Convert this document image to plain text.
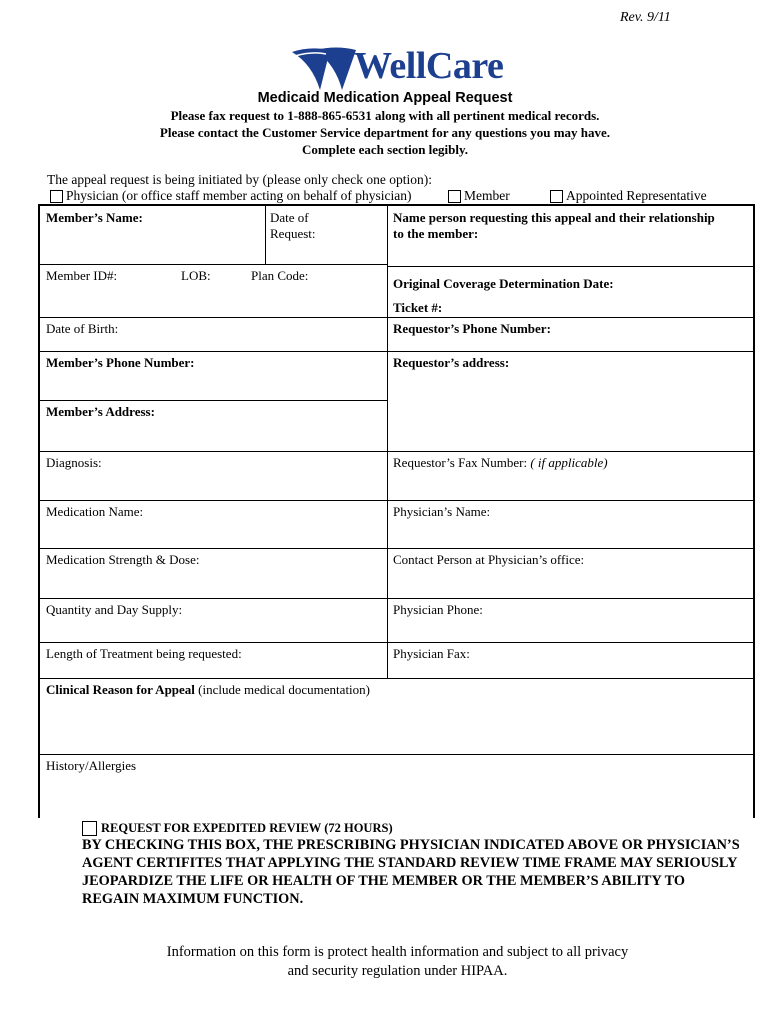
Rev. 9/11
WellCare
Medicaid Medication Appeal Request
Please fax request to 1-888-865-6531 along with all pertinent medical records.
Please contact the Customer Service department for any questions you may have.
Complete each section legibly.
The appeal request is being initiated by (please only check one option):
Physician (or office staff member acting on behalf of physician)	Member	Appointed Representative
Member’s Name:	Date of
Request:
Name person requesting this appeal and their relationship
to the member:
Member ID#:	LOB:	Plan Code:
Original Coverage Determination Date:
Ticket #:
Date of Birth:	Requestor’s Phone Number:
Member’s Phone Number:	Requestor’s address:
Member’s Address:
Diagnosis:	Requestor’s Fax Number: ( if applicable)
Medication Name:	Physician’s Name:
Medication Strength & Dose:	Contact Person at Physician’s office:
Quantity and Day Supply:	Physician Phone:
Length of Treatment being requested:	Physician Fax:
Clinical Reason for Appeal (include medical documentation)
History/Allergies
REQUEST FOR EXPEDITED REVIEW (72 HOURS)
BY CHECKING THIS BOX, THE PRESCRIBING PHYSICIAN INDICATED ABOVE OR PHYSICIAN’S AGENT CERTIFITES THAT APPLYING THE STANDARD REVIEW TIME FRAME MAY SERIOUSLY JEOPARDIZE THE LIFE OR HEALTH OF THE MEMBER OR THE MEMBER’S ABILITY TO REGAIN MAXIMUM FUNCTION.
Information on this form is protect health information and subject to all privacy
and security regulation under HIPAA.
